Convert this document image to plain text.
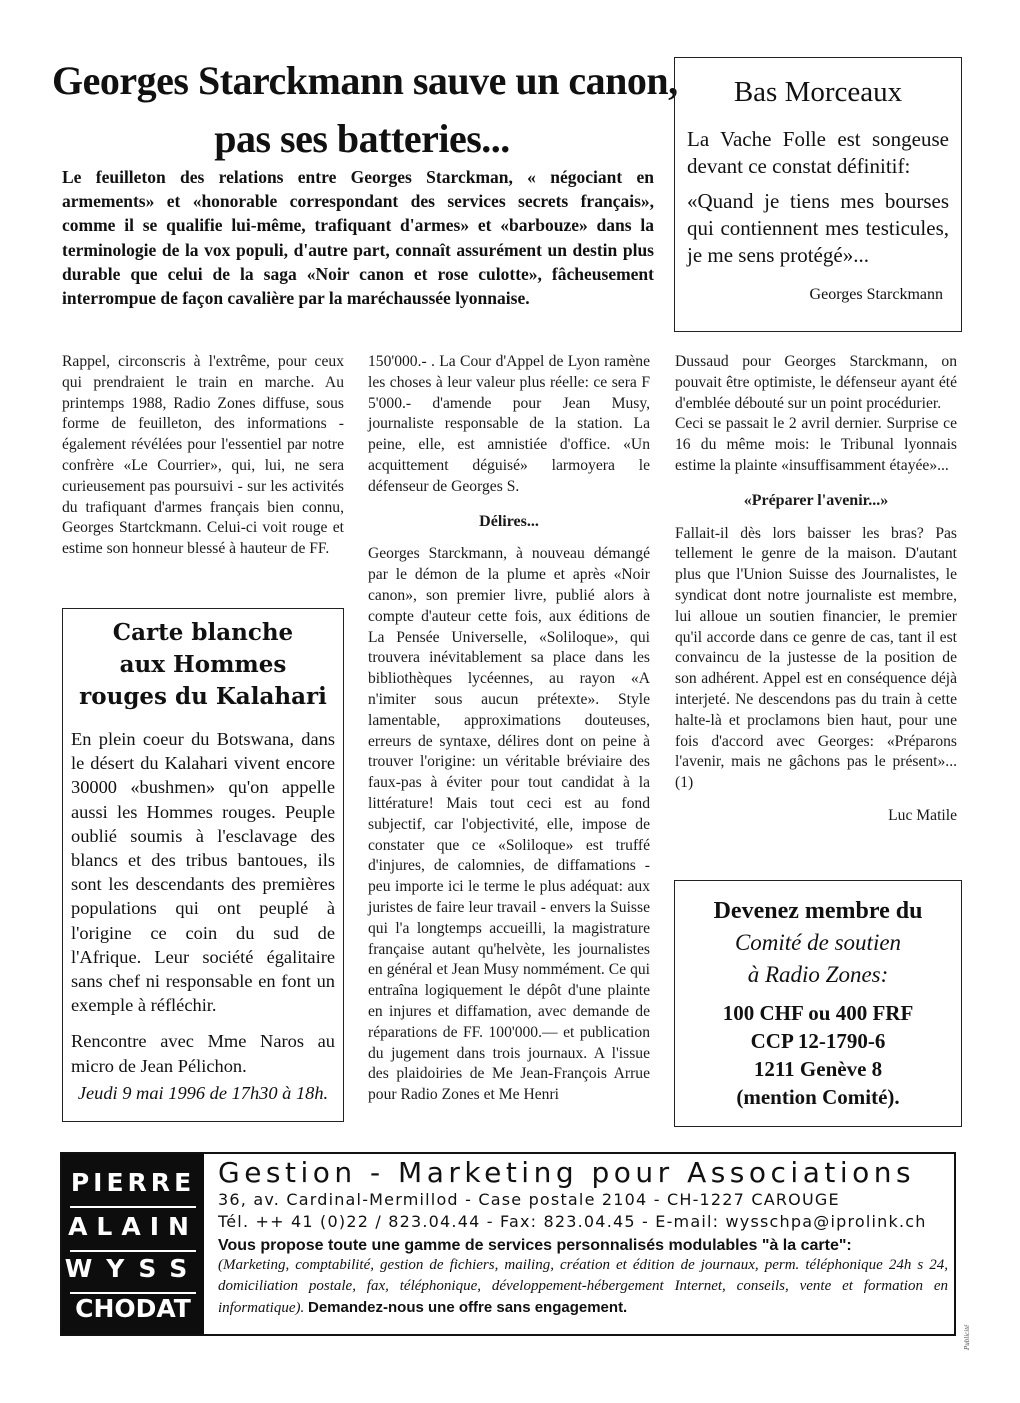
Georges Starckmann sauve un canon,
pas ses batteries...
Le feuilleton des relations entre Georges Starckman, « négociant en armements» et «honorable correspondant des services secrets français», comme il se qualifie lui-même, trafiquant d'armes» et «barbouze» dans la terminologie de la vox populi, d'autre part, connaît assurément un destin plus durable que celui de la saga «Noir canon et rose culotte», fâcheusement interrompue de façon cavalière par la maréchaussée lyonnaise.
Bas Morceaux

La Vache Folle est songeuse devant ce constat définitif:

«Quand je tiens mes bourses qui contiennent mes testicules, je me sens protégé»...

Georges Starckmann

Rappel, circonscris à l'extrême, pour ceux qui prendraient le train en marche. Au printemps 1988, Radio Zones diffuse, sous forme de feuilleton, des informations - également révélées pour l'essentiel par notre confrère «Le Courrier», qui, lui, ne sera curieusement pas poursuivi - sur les activités du trafiquant d'armes français bien connu, Georges Startckmann. Celui-ci voit rouge et estime son honneur blessé à hauteur de FF.

Carte blanche
aux Hommes
rouges du Kalahari

En plein coeur du Botswana, dans le désert du Kalahari vivent encore 30000 «bushmen» qu'on appelle aussi les Hommes rouges. Peuple oublié soumis à l'esclavage des blancs et des tribus bantoues, ils sont les descendants des premières populations qui ont peuplé à l'origine ce coin du sud de l'Afrique. Leur société égalitaire sans chef ni responsable en font un exemple à réfléchir.

Rencontre avec Mme Naros au micro de Jean Pélichon.

Jeudi 9 mai 1996 de 17h30 à 18h.

150'000.- . La Cour d'Appel de Lyon ramène les choses à leur valeur plus réelle: ce sera F 5'000.- d'amende pour Jean Musy, journaliste responsable de la station. La peine, elle, est amnistiée d'office. «Un acquittement déguisé» larmoyera le défenseur de Georges S.

Délires...

Georges Starckmann, à nouveau démangé par le démon de la plume et après «Noir canon», son premier livre, publié alors à compte d'auteur cette fois, aux éditions de La Pensée Universelle, «Soliloque», qui trouvera inévitablement sa place dans les bibliothèques lycéennes, au rayon «A n'imiter sous aucun prétexte». Style lamentable, approximations douteuses, erreurs de syntaxe, délires dont on peine à trouver l'origine: un véritable bréviaire des faux-pas à éviter pour tout candidat à la littérature! Mais tout ceci est au fond subjectif, car l'objectivité, elle, impose de constater que ce «Soliloque» est truffé d'injures, de calomnies, de diffamations - peu importe ici le terme le plus adéquat: aux juristes de faire leur travail - envers la Suisse qui l'a longtemps accueilli, la magistrature française autant qu'helvète, les journalistes en général et Jean Musy nommément. Ce qui entraîna logiquement le dépôt d'une plainte en injures et diffamation, avec demande de réparations de FF. 100'000.— et publication du jugement dans trois journaux. A l'issue des plaidoiries de Me Jean-François Arrue pour Radio Zones et Me Henri

Dussaud pour Georges Starckmann, on pouvait être optimiste, le défenseur ayant été d'emblée débouté sur un point procédurier.

Ceci se passait le 2 avril dernier. Surprise ce 16 du même mois: le Tribunal lyonnais estime la plainte «insuffisamment étayée»...

«Préparer l'avenir...»

Fallait-il dès lors baisser les bras? Pas tellement le genre de la maison. D'autant plus que l'Union Suisse des Journalistes, le syndicat dont notre journaliste est membre, lui alloue un soutien financier, le premier qu'il accorde dans ce genre de cas, tant il est convaincu de la justesse de la position de son adhérent. Appel est en conséquence déjà interjeté. Ne descendons pas du train à cette halte-là et proclamons bien haut, pour une fois d'accord avec Georges: «Préparons l'avenir, mais ne gâchons pas le présent»...(1)

Luc Matile

Devenez membre du
Comité de soutien
à Radio Zones:
100 CHF ou 400 FRF
CCP 12-1790-6
1211 Genève 8
(mention Comité).
PIERRE
ALAIN
WYSS
CHODAT
Gestion - Marketing pour Associations
36, av. Cardinal-Mermillod - Case postale 2104 - CH-1227 CAROUGE
Tél. ++ 41 (0)22 / 823.04.44 - Fax: 823.04.45 - E-mail: wysschpa@iprolink.ch
Vous propose toute une gamme de services personnalisés modulables "à la carte":
(Marketing, comptabilité, gestion de fichiers, mailing, création et édition de journaux, perm. téléphonique 24h s 24, domiciliation postale, fax, téléphonique, développement-hébergement Internet, conseils, vente et formation en informatique). Demandez-nous une offre sans engagement.
Publicité
